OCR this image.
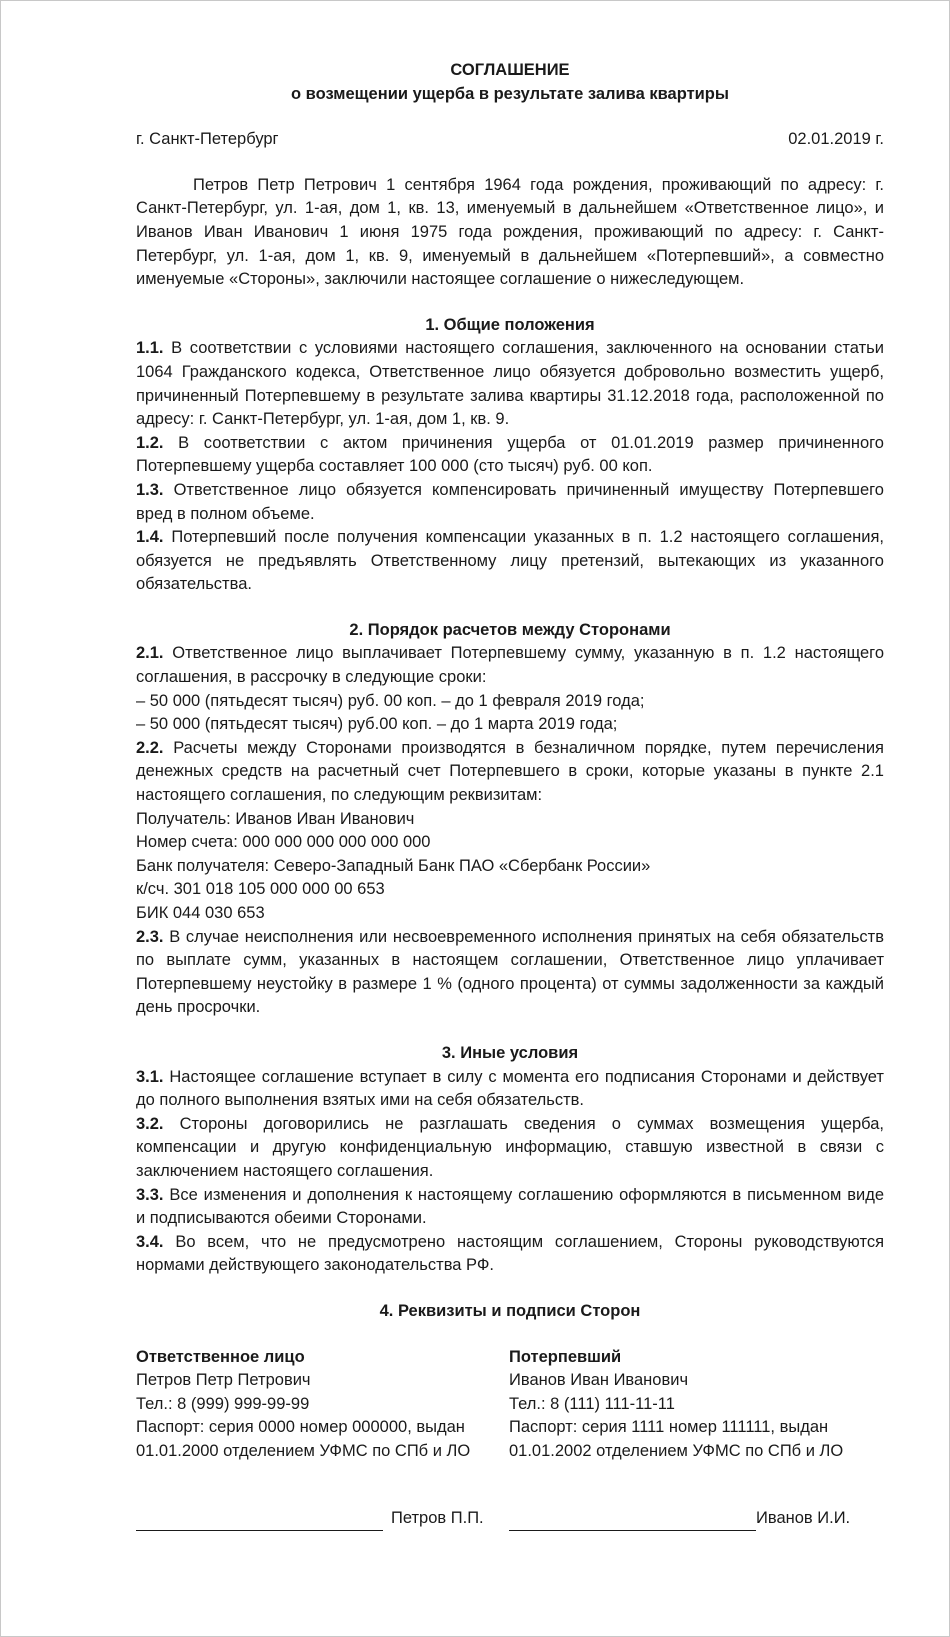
СОГЛАШЕНИЕ
о возмещении ущерба в результате залива квартиры
г. Санкт-Петербург	02.01.2019 г.
Петров Петр Петрович 1 сентября 1964 года рождения, проживающий по адресу: г. Санкт-Петербург, ул. 1-ая, дом 1, кв. 13, именуемый в дальнейшем «Ответственное лицо», и Иванов Иван Иванович 1 июня 1975 года рождения, проживающий по адресу: г. Санкт-Петербург, ул. 1-ая, дом 1, кв. 9, именуемый в дальнейшем «Потерпевший», а совместно именуемые «Стороны», заключили настоящее соглашение о нижеследующем.
1. Общие положения
1.1. В соответствии с условиями настоящего соглашения, заключенного на основании статьи 1064 Гражданского кодекса, Ответственное лицо обязуется добровольно возместить ущерб, причиненный Потерпевшему в результате залива квартиры 31.12.2018 года, расположенной по адресу: г. Санкт-Петербург, ул. 1-ая, дом 1, кв. 9.
1.2. В соответствии с актом причинения ущерба от 01.01.2019 размер причиненного Потерпевшему ущерба составляет 100 000 (сто тысяч) руб. 00 коп.
1.3. Ответственное лицо обязуется компенсировать причиненный имуществу Потерпевшего вред в полном объеме.
1.4. Потерпевший после получения компенсации указанных в п. 1.2 настоящего соглашения, обязуется не предъявлять Ответственному лицу претензий, вытекающих из указанного обязательства.
2. Порядок расчетов между Сторонами
2.1. Ответственное лицо выплачивает Потерпевшему сумму, указанную в п. 1.2 настоящего соглашения, в рассрочку в следующие сроки:
– 50 000 (пятьдесят тысяч) руб. 00 коп. – до 1 февраля 2019 года;
– 50 000 (пятьдесят тысяч) руб.00 коп. – до 1 марта 2019 года;
2.2. Расчеты между Сторонами производятся в безналичном порядке, путем перечисления денежных средств на расчетный счет Потерпевшего в сроки, которые указаны в пункте 2.1 настоящего соглашения, по следующим реквизитам:
Получатель: Иванов Иван Иванович
Номер счета: 000 000 000 000 000 000
Банк получателя: Северо-Западный Банк ПАО «Сбербанк России»
к/сч. 301 018 105 000 000 00 653
БИК 044 030 653
2.3. В случае неисполнения или несвоевременного исполнения принятых на себя обязательств по выплате сумм, указанных в настоящем соглашении, Ответственное лицо уплачивает Потерпевшему неустойку в размере 1 % (одного процента) от суммы задолженности за каждый день просрочки.
3. Иные условия
3.1. Настоящее соглашение вступает в силу с момента его подписания Сторонами и действует до полного выполнения взятых ими на себя обязательств.
3.2. Стороны договорились не разглашать сведения о суммах возмещения ущерба, компенсации и другую конфиденциальную информацию, ставшую известной в связи с заключением настоящего соглашения.
3.3. Все изменения и дополнения к настоящему соглашению оформляются в письменном виде и подписываются обеими Сторонами.
3.4. Во всем, что не предусмотрено настоящим соглашением, Стороны руководствуются нормами действующего законодательства РФ.
4. Реквизиты и подписи Сторон
Ответственное лицо
Петров Петр Петрович
Тел.: 8 (999) 999-99-99
Паспорт: серия 0000 номер 000000, выдан
01.01.2000 отделением УФМС по СПб и ЛО
Потерпевший
Иванов Иван Иванович
Тел.: 8 (111) 111-11-11
Паспорт: серия 1111 номер 111111, выдан
01.01.2002 отделением УФМС по СПб и ЛО
Петров П.П.	Иванов И.И.
